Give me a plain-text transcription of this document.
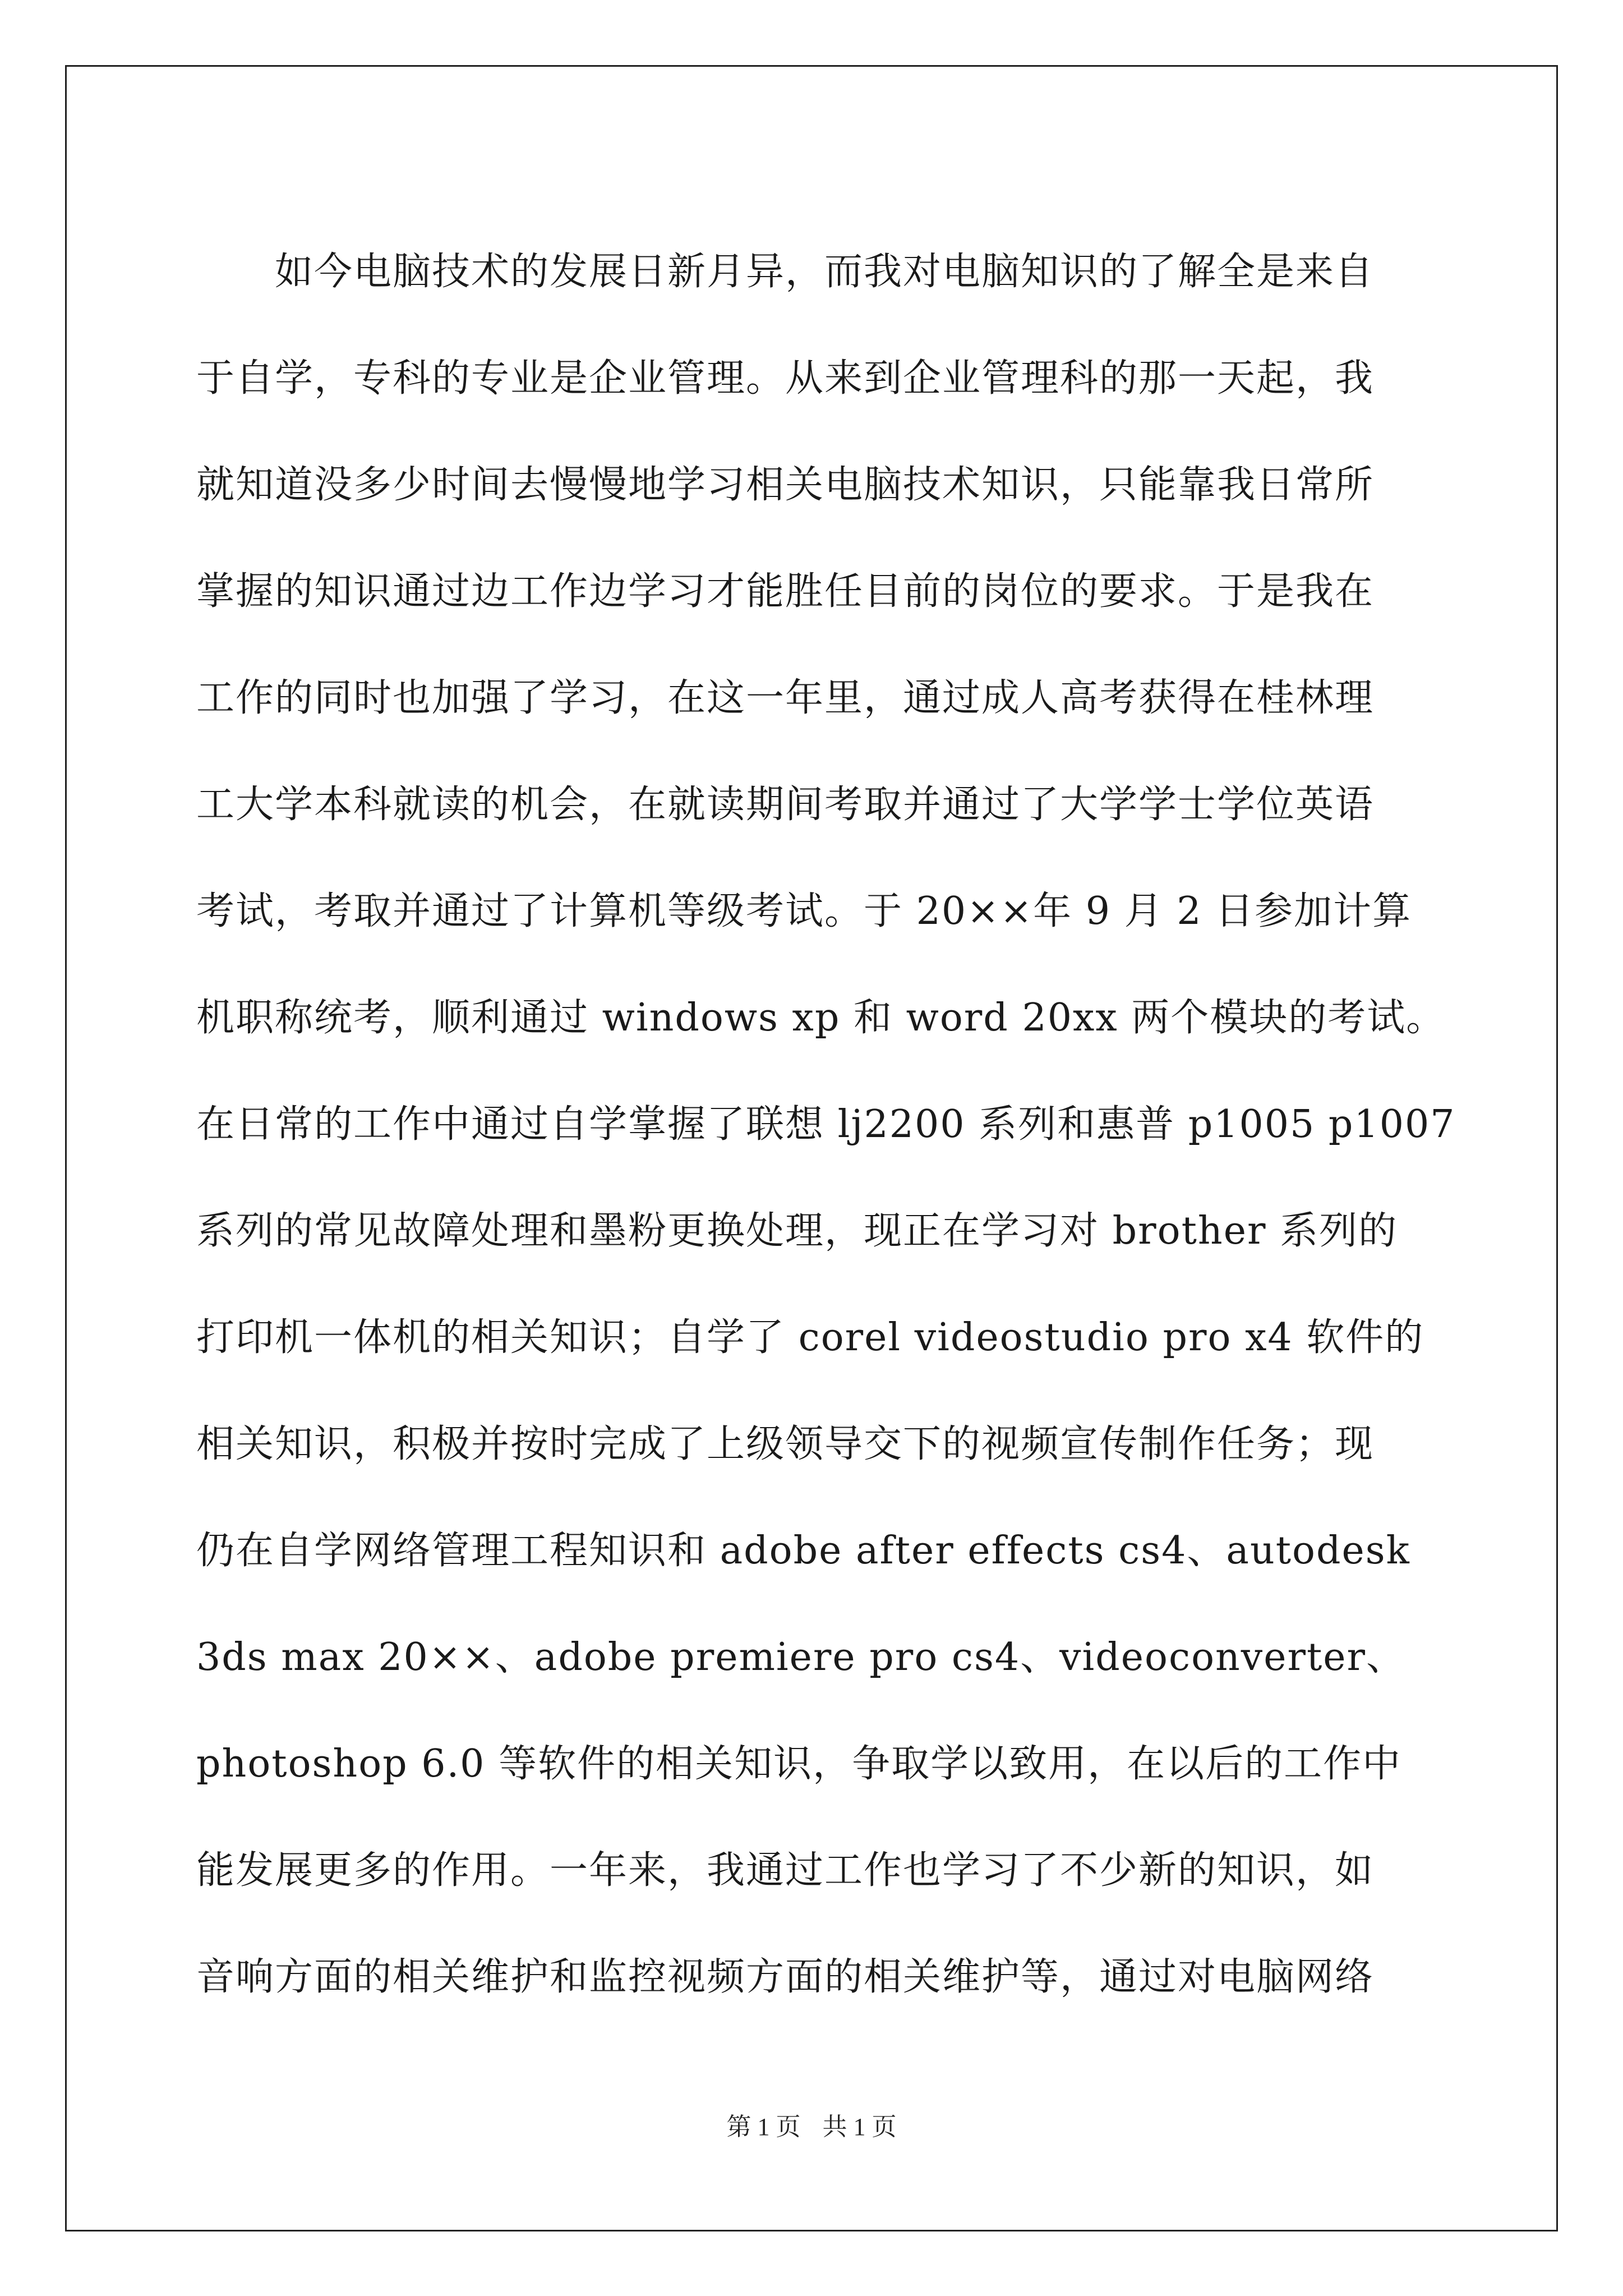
如今电脑技术的发展日新月异，而我对电脑知识的了解全是来自
于自学，专科的专业是企业管理。从来到企业管理科的那一天起，我
就知道没多少时间去慢慢地学习相关电脑技术知识，只能靠我日常所
掌握的知识通过边工作边学习才能胜任目前的岗位的要求。于是我在
工作的同时也加强了学习，在这一年里，通过成人高考获得在桂林理
工大学本科就读的机会，在就读期间考取并通过了大学学士学位英语
考试，考取并通过了计算机等级考试。于 20××年 9 月 2 日参加计算
机职称统考，顺利通过 windows xp 和 word 20xx 两个模块的考试。
在日常的工作中通过自学掌握了联想 lj2200 系列和惠普 p1005 p1007
系列的常见故障处理和墨粉更换处理，现正在学习对 brother 系列的
打印机一体机的相关知识；自学了 corel videostudio pro x4 软件的
相关知识，积极并按时完成了上级领导交下的视频宣传制作任务；现
仍在自学网络管理工程知识和 adobe after effects cs4、autodesk
3ds max 20××、adobe premiere pro cs4、videoconverter、
photoshop 6.0 等软件的相关知识，争取学以致用，在以后的工作中
能发展更多的作用。一年来，我通过工作也学习了不少新的知识，如
音响方面的相关维护和监控视频方面的相关维护等，通过对电脑网络
第 1 页 共 1 页
